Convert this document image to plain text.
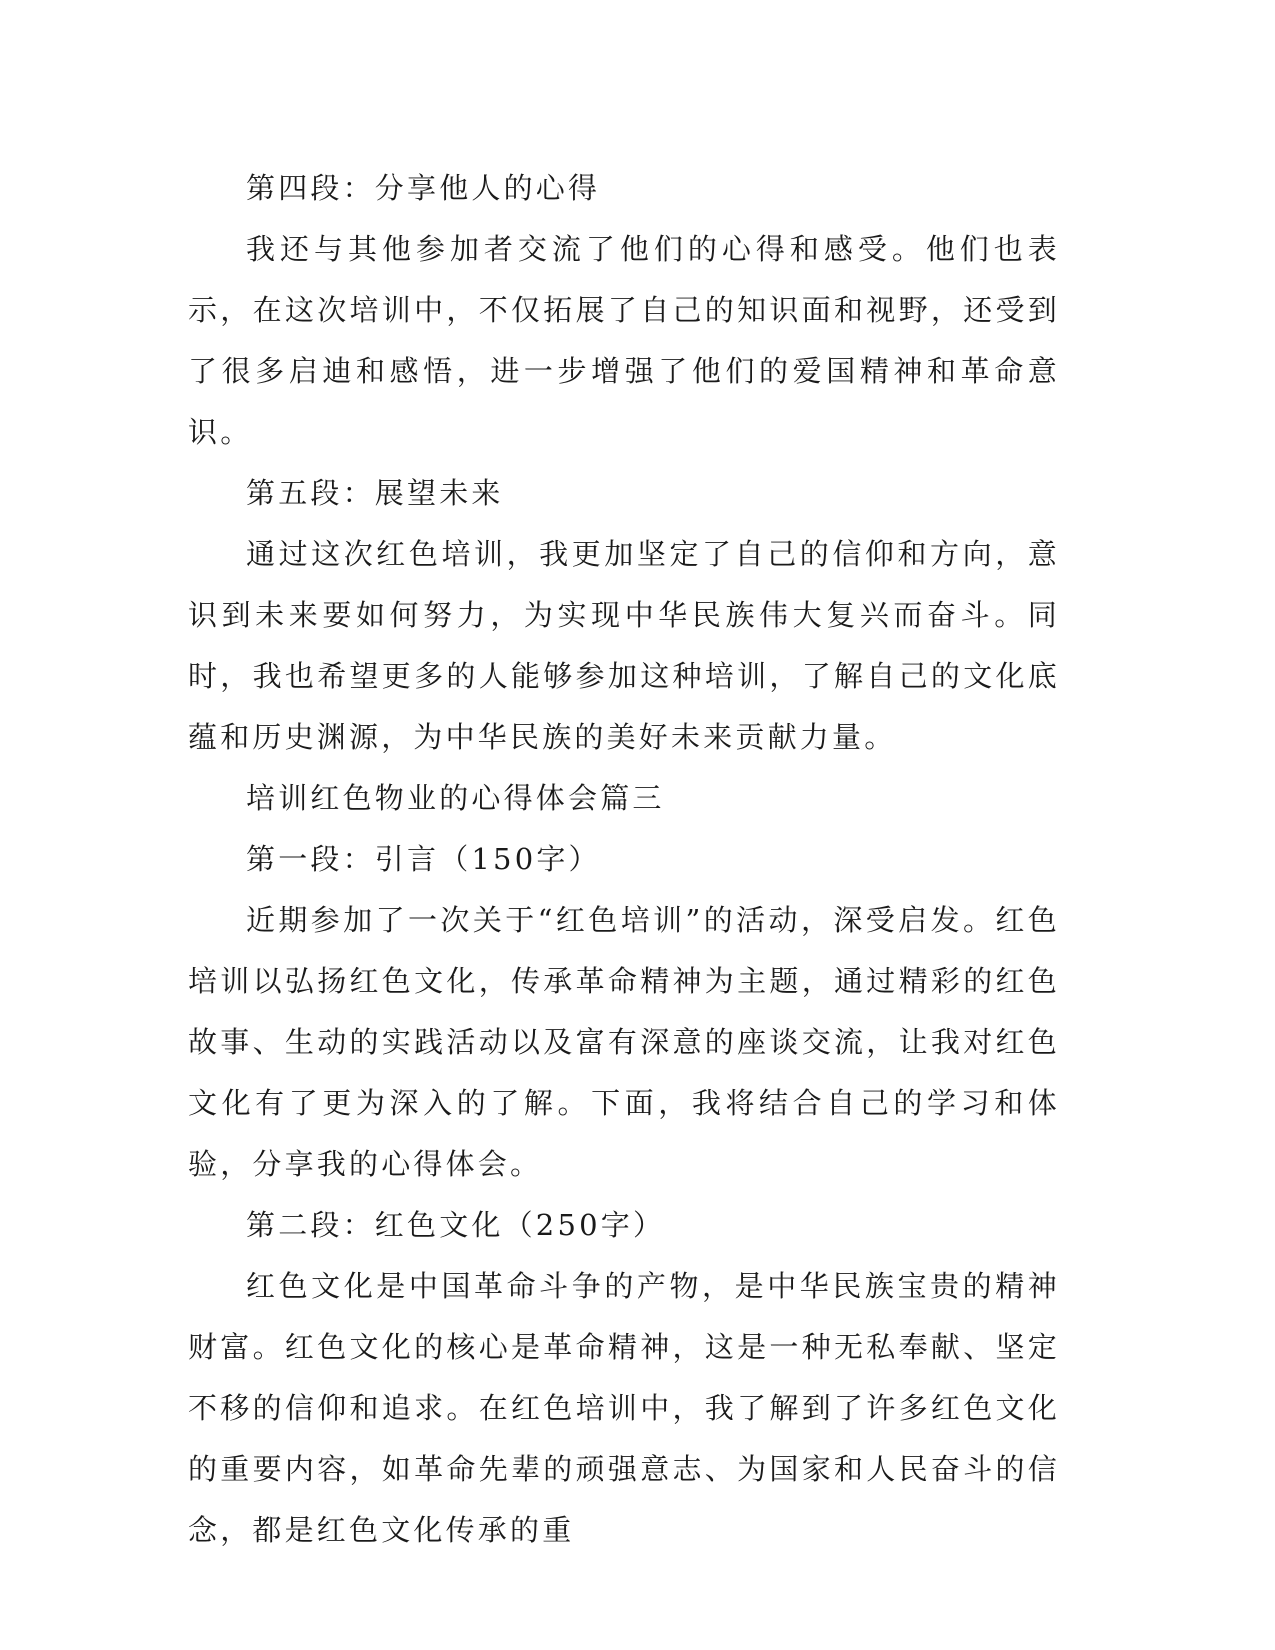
第四段：分享他人的心得

我还与其他参加者交流了他们的心得和感受。他们也表示，在这次培训中，不仅拓展了自己的知识面和视野，还受到了很多启迪和感悟，进一步增强了他们的爱国精神和革命意识。

第五段：展望未来

通过这次红色培训，我更加坚定了自己的信仰和方向，意识到未来要如何努力，为实现中华民族伟大复兴而奋斗。同时，我也希望更多的人能够参加这种培训，了解自己的文化底蕴和历史渊源，为中华民族的美好未来贡献力量。

培训红色物业的心得体会篇三

第一段：引言（150字）

近期参加了一次关于“红色培训”的活动，深受启发。红色培训以弘扬红色文化，传承革命精神为主题，通过精彩的红色故事、生动的实践活动以及富有深意的座谈交流，让我对红色文化有了更为深入的了解。下面，我将结合自己的学习和体验，分享我的心得体会。

第二段：红色文化（250字）

红色文化是中国革命斗争的产物，是中华民族宝贵的精神财富。红色文化的核心是革命精神，这是一种无私奉献、坚定不移的信仰和追求。在红色培训中，我了解到了许多红色文化的重要内容，如革命先辈的顽强意志、为国家和人民奋斗的信念，都是红色文化传承的重
